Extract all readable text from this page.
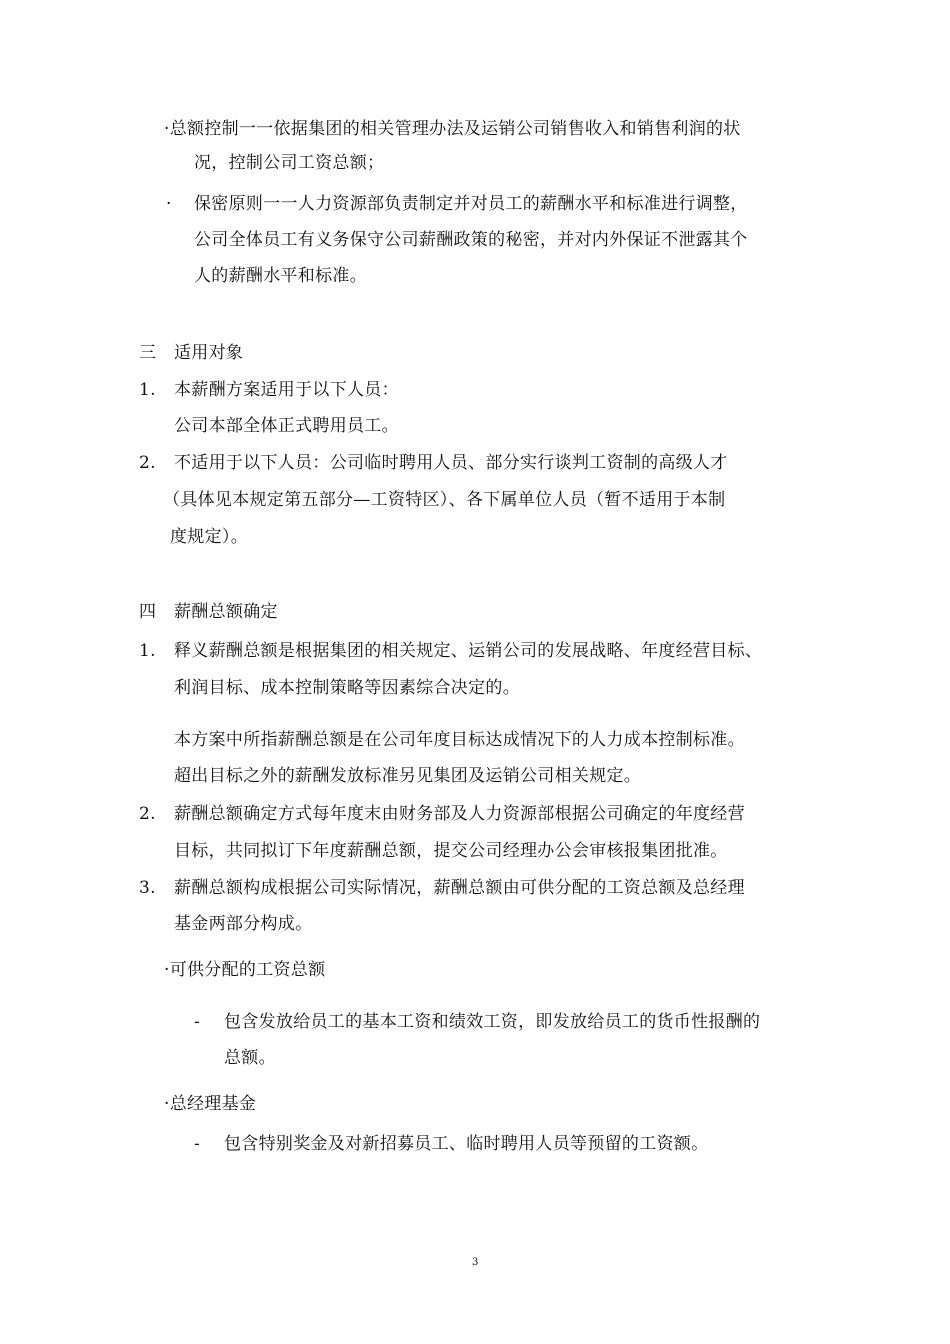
·总额控制一一依据集团的相关管理办法及运销公司销售收入和销售利润的状
况，控制公司工资总额；
· 保密原则一一人力资源部负责制定并对员工的薪酬水平和标准进行调整，
公司全体员工有义务保守公司薪酬政策的秘密，并对内外保证不泄露其个
人的薪酬水平和标准。
三 适用对象
1. 本薪酬方案适用于以下人员：
公司本部全体正式聘用员工。
2. 不适用于以下人员：公司临时聘用人员、部分实行谈判工资制的高级人才
（具体见本规定第五部分—工资特区）、各下属单位人员（暂不适用于本制
度规定）。
四 薪酬总额确定
1. 释义薪酬总额是根据集团的相关规定、运销公司的发展战略、年度经营目标、
利润目标、成本控制策略等因素综合决定的。
本方案中所指薪酬总额是在公司年度目标达成情况下的人力成本控制标准。
超出目标之外的薪酬发放标准另见集团及运销公司相关规定。
2. 薪酬总额确定方式每年度末由财务部及人力资源部根据公司确定的年度经营
目标，共同拟订下年度薪酬总额，提交公司经理办公会审核报集团批准。
3. 薪酬总额构成根据公司实际情况，薪酬总额由可供分配的工资总额及总经理
基金两部分构成。
·可供分配的工资总额
- 包含发放给员工的基本工资和绩效工资，即发放给员工的货币性报酬的
总额。
·总经理基金
- 包含特别奖金及对新招募员工、临时聘用人员等预留的工资额。
3
